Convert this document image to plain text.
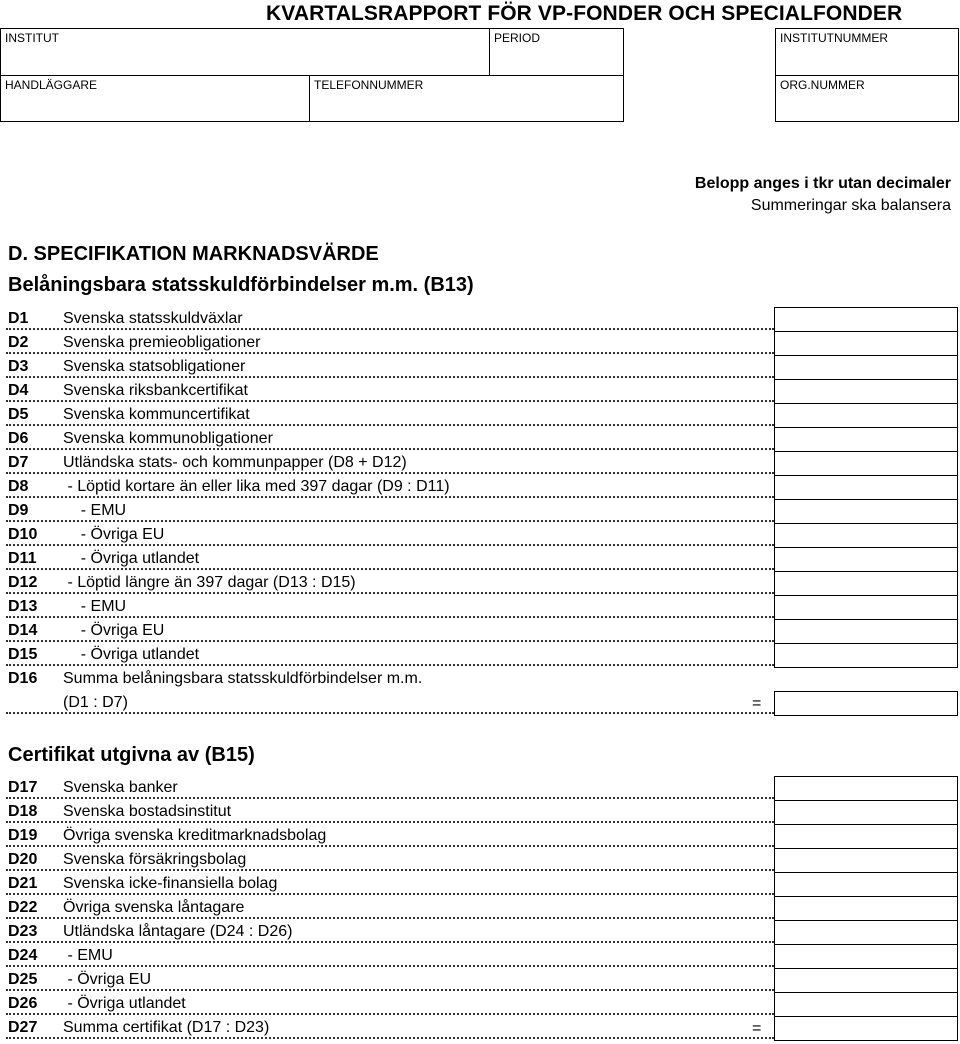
KVARTALSRAPPORT FÖR VP-FONDER OCH SPECIALFONDER
INSTITUT	PERIOD	INSTITUTNUMMER
HANDLÄGGARE	TELEFONNUMMER	ORG.NUMMER
Belopp anges i tkr utan decimaler
Summeringar ska balansera
D. SPECIFIKATION MARKNADSVÄRDE
Belåningsbara statsskuldförbindelser m.m. (B13)
D1 Svenska statsskuldväxlar
D2 Svenska premieobligationer
D3 Svenska statsobligationer
D4 Svenska riksbankcertifikat
D5 Svenska kommuncertifikat
D6 Svenska kommunobligationer
D7 Utländska stats- och kommunpapper (D8 + D12)
D8 - Löptid kortare än eller lika med 397 dagar (D9 : D11)
D9 - EMU
D10 - Övriga EU
D11 - Övriga utlandet
D12 - Löptid längre än 397 dagar (D13 : D15)
D13 - EMU
D14 - Övriga EU
D15 - Övriga utlandet
D16 Summa belåningsbara statsskuldförbindelser m.m.
(D1 : D7)	=
Certifikat utgivna av (B15)
D17 Svenska banker
D18 Svenska bostadsinstitut
D19 Övriga svenska kreditmarknadsbolag
D20 Svenska försäkringsbolag
D21 Svenska icke-finansiella bolag
D22 Övriga svenska låntagare
D23 Utländska låntagare (D24 : D26)
D24 - EMU
D25 - Övriga EU
D26 - Övriga utlandet
D27 Summa certifikat (D17 : D23)	=
